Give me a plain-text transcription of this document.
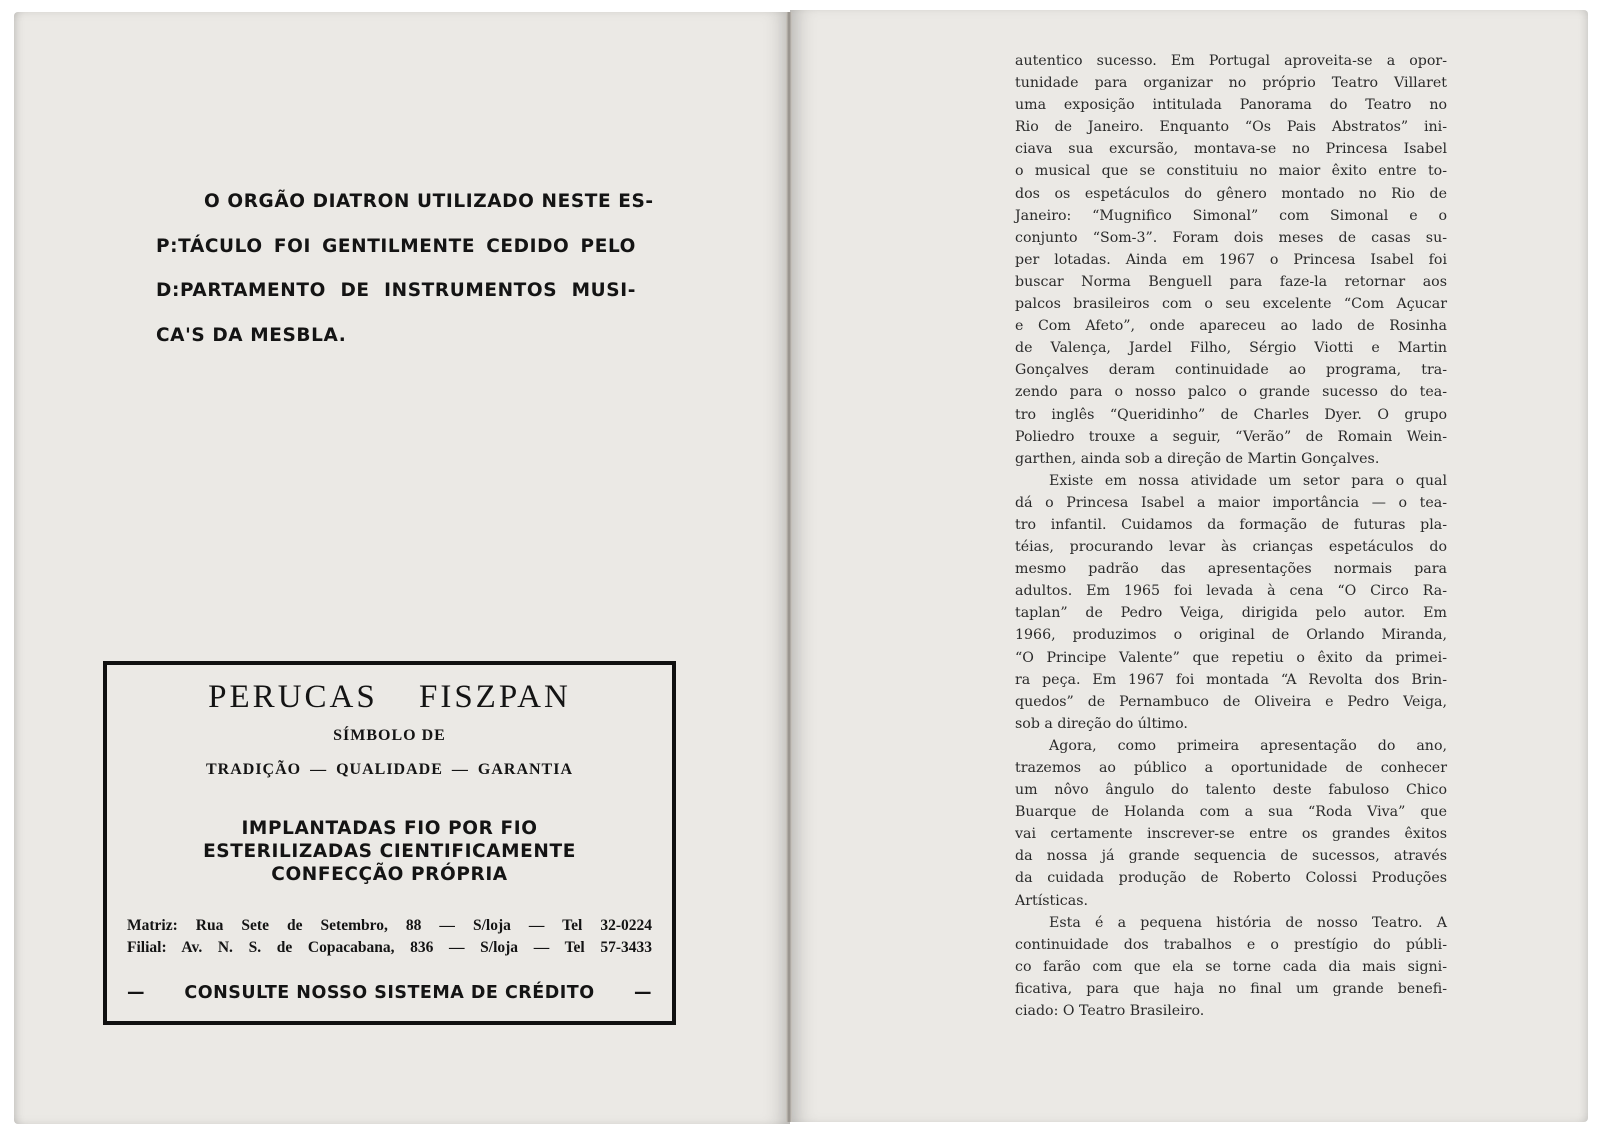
O ORGÃO DIATRON UTILIZADO NESTE ES-
P:TÁCULO FOI GENTILMENTE CEDIDO PELO
D:PARTAMENTO DE INSTRUMENTOS MUSI-
CA'S DA MESBLA.
PERUCAS FISZPAN
SÍMBOLO DE
TRADIÇÃO — QUALIDADE — GARANTIA
IMPLANTADAS FIO POR FIO
ESTERILIZADAS CIENTIFICAMENTE
CONFECÇÃO PRÓPRIA
Matriz: Rua Sete de Setembro, 88 — S/loja — Tel 32-0224
Filial: Av. N. S. de Copacabana, 836 — S/loja — Tel 57-3433
— CONSULTE NOSSO SISTEMA DE CRÉDITO —
autentico sucesso. Em Portugal aproveita-se a opor-
tunidade para organizar no próprio Teatro Villaret
uma exposição intitulada Panorama do Teatro no
Rio de Janeiro. Enquanto “Os Pais Abstratos” ini-
ciava sua excursão, montava-se no Princesa Isabel
o musical que se constituiu no maior êxito entre to-
dos os espetáculos do gênero montado no Rio de
Janeiro: “Mugnifico Simonal” com Simonal e o
conjunto “Som-3”. Foram dois meses de casas su-
per lotadas. Ainda em 1967 o Princesa Isabel foi
buscar Norma Benguell para faze-la retornar aos
palcos brasileiros com o seu excelente “Com Açucar
e Com Afeto”, onde apareceu ao lado de Rosinha
de Valença, Jardel Filho, Sérgio Viotti e Martin
Gonçalves deram continuidade ao programa, tra-
zendo para o nosso palco o grande sucesso do tea-
tro inglês “Queridinho” de Charles Dyer. O grupo
Poliedro trouxe a seguir, “Verão” de Romain Wein-
garthen, ainda sob a direção de Martin Gonçalves.
Existe em nossa atividade um setor para o qual
dá o Princesa Isabel a maior importância — o tea-
tro infantil. Cuidamos da formação de futuras pla-
téias, procurando levar às crianças espetáculos do
mesmo padrão das apresentações normais para
adultos. Em 1965 foi levada à cena “O Circo Ra-
taplan” de Pedro Veiga, dirigida pelo autor. Em
1966, produzimos o original de Orlando Miranda,
“O Principe Valente” que repetiu o êxito da primei-
ra peça. Em 1967 foi montada “A Revolta dos Brin-
quedos” de Pernambuco de Oliveira e Pedro Veiga,
sob a direção do último.
Agora, como primeira apresentação do ano,
trazemos ao público a oportunidade de conhecer
um nôvo ângulo do talento deste fabuloso Chico
Buarque de Holanda com a sua “Roda Viva” que
vai certamente inscrever-se entre os grandes êxitos
da nossa já grande sequencia de sucessos, através
da cuidada produção de Roberto Colossi Produções
Artísticas.
Esta é a pequena história de nosso Teatro. A
continuidade dos trabalhos e o prestígio do públi-
co farão com que ela se torne cada dia mais signi-
ficativa, para que haja no final um grande benefi-
ciado: O Teatro Brasileiro.
